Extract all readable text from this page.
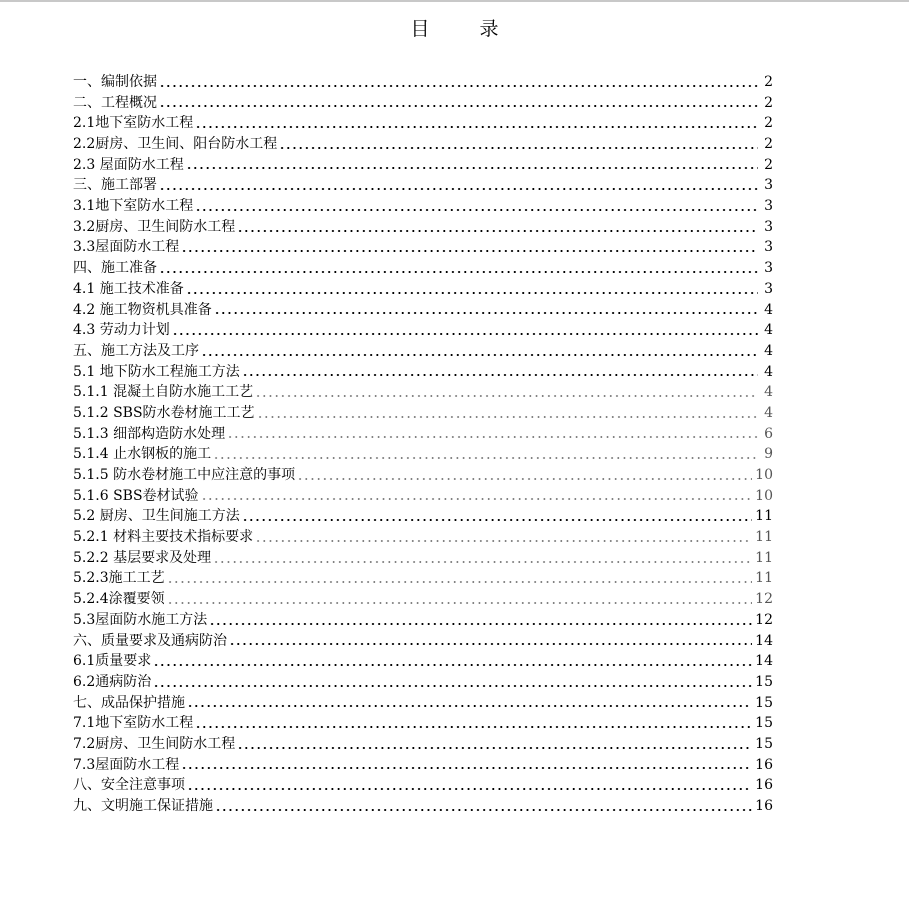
目 录
一、编制依据	2
二、工程概况	2
2.1地下室防水工程	2
2.2厨房、卫生间、阳台防水工程	2
2.3 屋面防水工程	2
三、施工部署	3
3.1地下室防水工程	3
3.2厨房、卫生间防水工程	3
3.3屋面防水工程	3
四、施工准备	3
4.1 施工技术准备	3
4.2 施工物资机具准备	4
4.3 劳动力计划	4
五、施工方法及工序	4
5.1 地下防水工程施工方法	4
5.1.1 混凝土自防水施工工艺	4
5.1.2 SBS防水卷材施工工艺	4
5.1.3 细部构造防水处理	6
5.1.4 止水钢板的施工	9
5.1.5 防水卷材施工中应注意的事项	10
5.1.6 SBS卷材试验	10
5.2 厨房、卫生间施工方法	11
5.2.1 材料主要技术指标要求	11
5.2.2 基层要求及处理	11
5.2.3施工工艺	11
5.2.4涂覆要领	12
5.3屋面防水施工方法	12
六、质量要求及通病防治	14
6.1质量要求	14
6.2通病防治	15
七、成品保护措施	15
7.1地下室防水工程	15
7.2厨房、卫生间防水工程	15
7.3屋面防水工程	16
八、安全注意事项	16
九、文明施工保证措施	16
